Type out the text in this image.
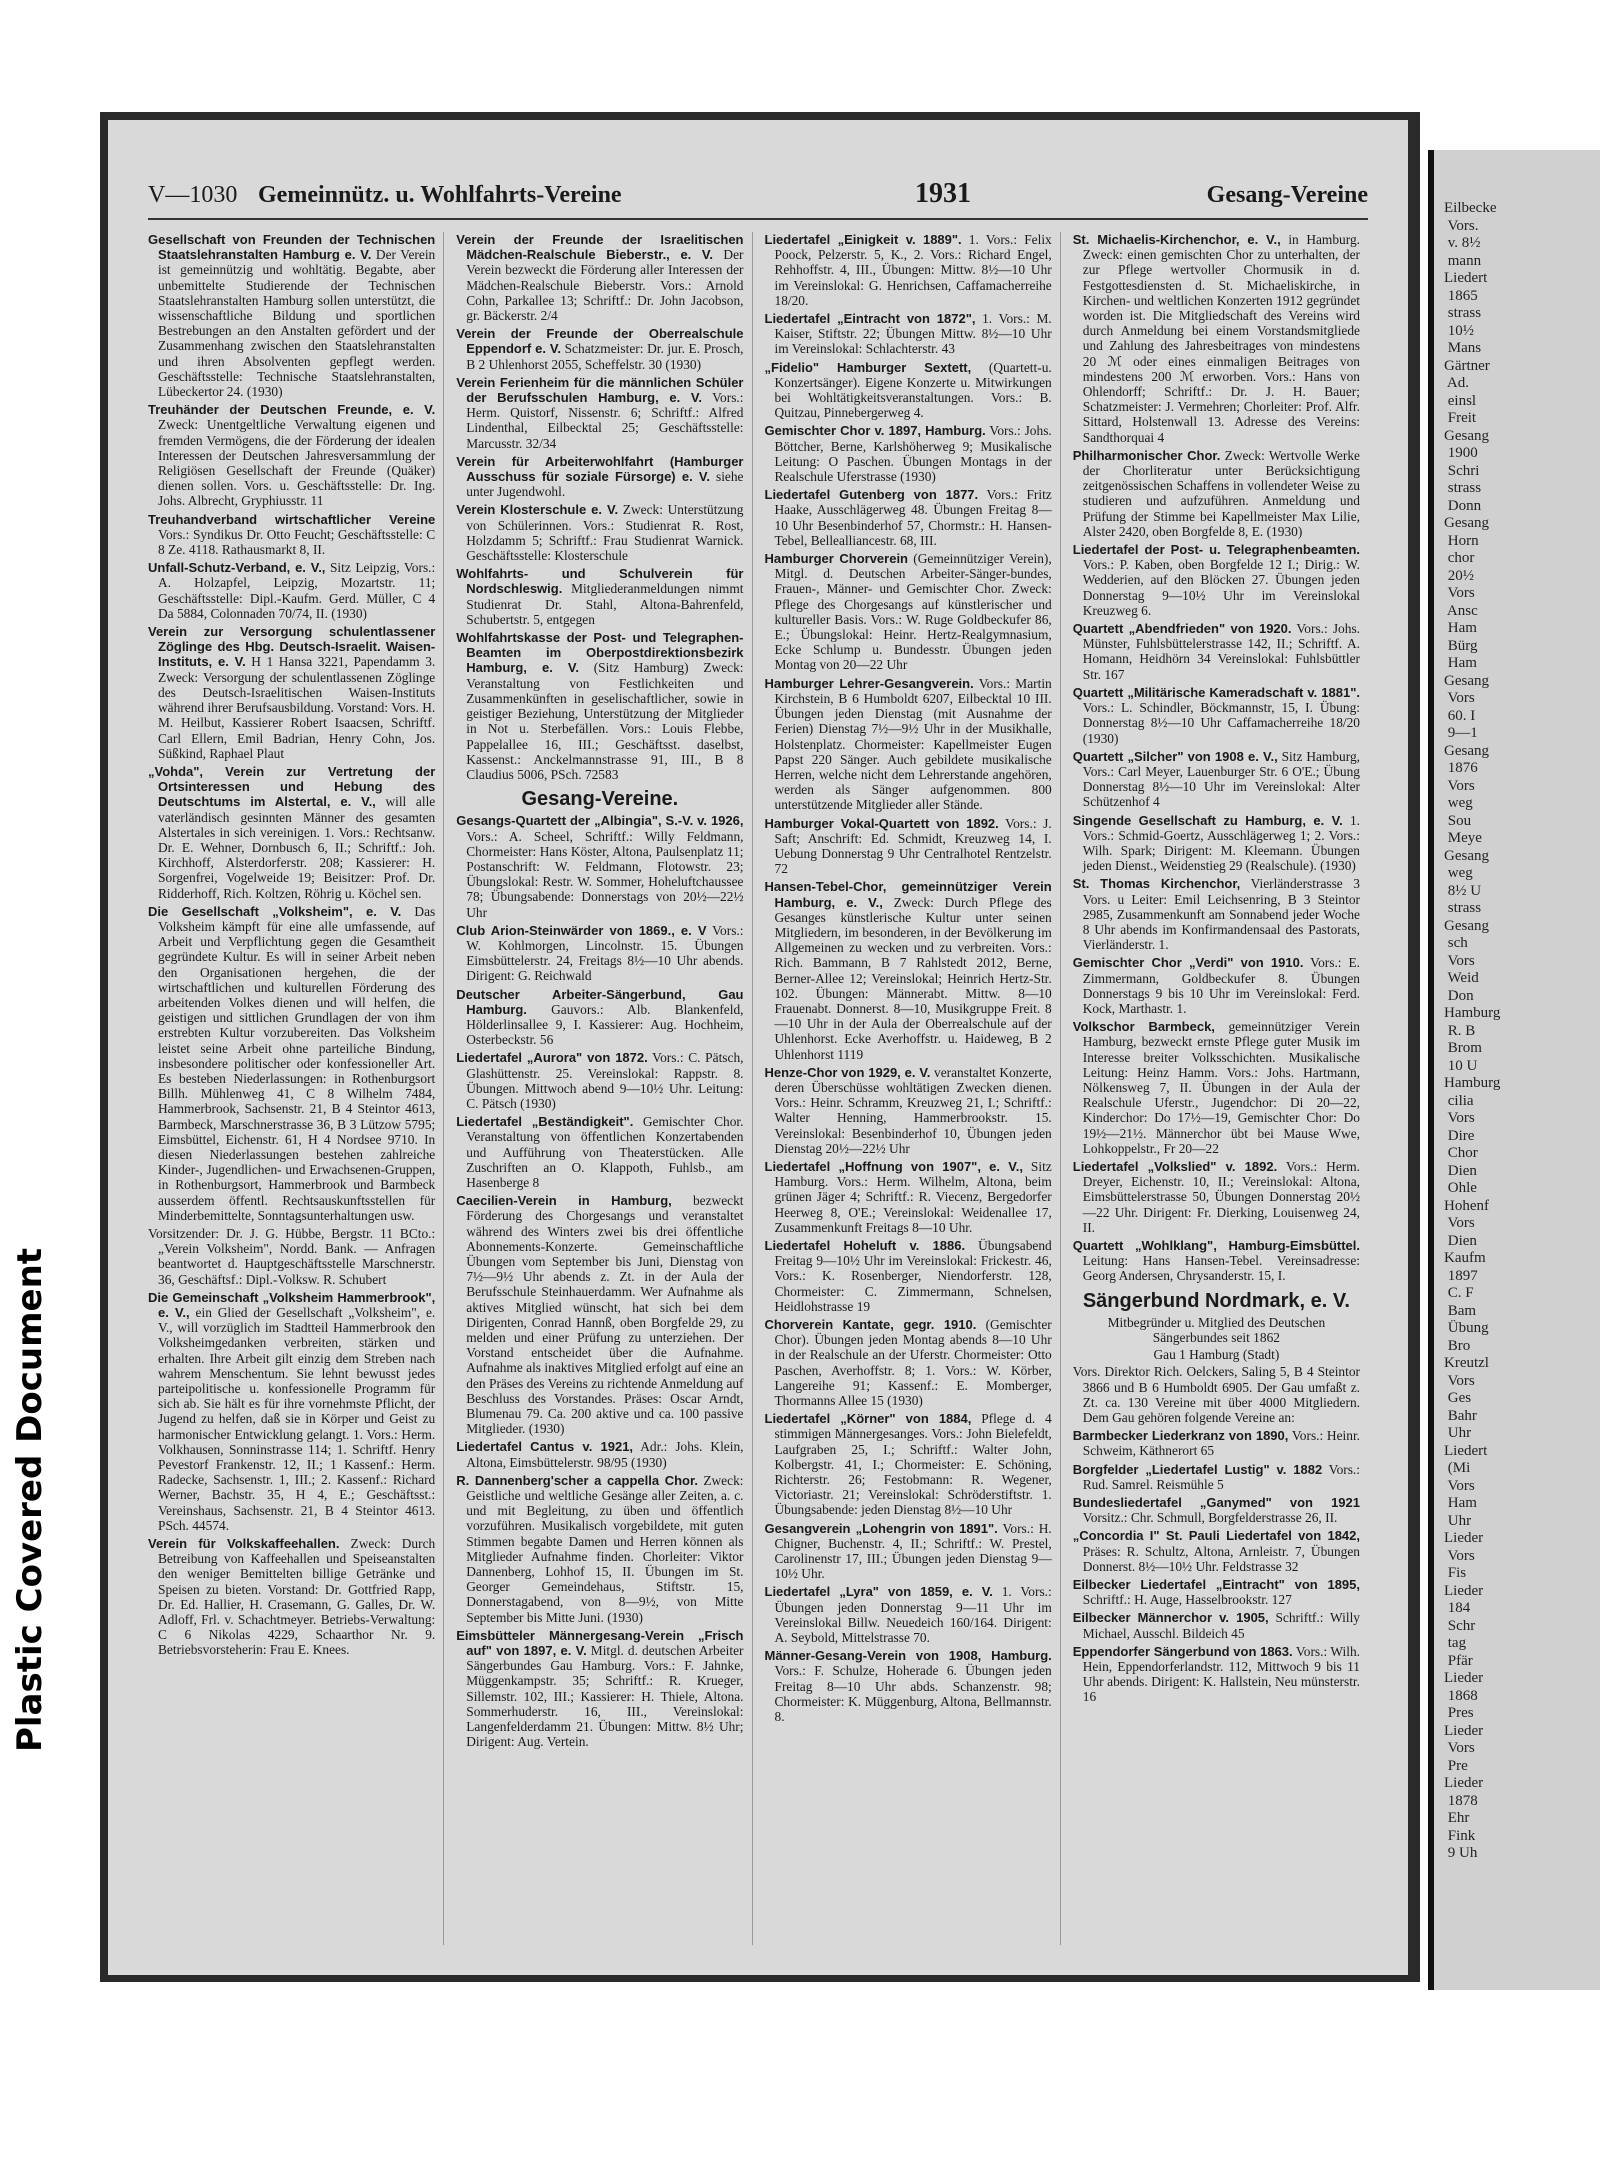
Plastic Covered Document
V—1030 Gemeinnütz. u. Wohlfahrts-Vereine	1931	Gesang-Vereine

Gesellschaft von Freunden der Technischen Staatslehranstalten Hamburg e. V. Der Verein ist gemeinnützig und wohltätig. Begabte, aber unbemittelte Studierende der Technischen Staatslehranstalten Hamburg sollen unterstützt, die wissenschaftliche Bildung und sportlichen Bestrebungen an den Anstalten gefördert und der Zusammenhang zwischen den Staatslehranstalten und ihren Absolventen gepflegt werden. Geschäftsstelle: Technische Staatslehranstalten, Lübeckertor 24. (1930)

Treuhänder der Deutschen Freunde, e. V. Zweck: Unentgeltliche Verwaltung eigenen und fremden Vermögens, die der Förderung der idealen Interessen der Deutschen Jahresversammlung der Religiösen Gesellschaft der Freunde (Quäker) dienen sollen. Vors. u. Geschäftsstelle: Dr. Ing. Johs. Albrecht, Gryphiusstr. 11

Treuhandverband wirtschaftlicher Vereine Vors.: Syndikus Dr. Otto Feucht; Geschäftsstelle: C 8 Ze. 4118. Rathausmarkt 8, II.

Unfall-Schutz-Verband, e. V., Sitz Leipzig, Vors.: A. Holzapfel, Leipzig, Mozartstr. 11; Geschäftsstelle: Dipl.-Kaufm. Gerd. Müller, C 4 Da 5884, Colonnaden 70/74, II. (1930)

Verein zur Versorgung schulentlassener Zöglinge des Hbg. Deutsch-Israelit. Waisen-Instituts, e. V. H 1 Hansa 3221, Papendamm 3. Zweck: Versorgung der schulentlassenen Zöglinge des Deutsch-Israelitischen Waisen-Instituts während ihrer Berufsausbildung. Vorstand: Vors. H. M. Heilbut, Kassierer Robert Isaacsen, Schriftf. Carl Ellern, Emil Badrian, Henry Cohn, Jos. Süßkind, Raphael Plaut

„Vohda", Verein zur Vertretung der Ortsinteressen und Hebung des Deutschtums im Alstertal, e. V., will alle vaterländisch gesinnten Männer des gesamten Alstertales in sich vereinigen. 1. Vors.: Rechtsanw. Dr. E. Wehner, Dornbusch 6, II.; Schriftf.: Joh. Kirchhoff, Alsterdorferstr. 208; Kassierer: H. Sorgenfrei, Vogelweide 19; Beisitzer: Prof. Dr. Ridderhoff, Rich. Koltzen, Röhrig u. Köchel sen.

Die Gesellschaft „Volksheim", e. V. Das Volksheim kämpft für eine alle umfassende, auf Arbeit und Verpflichtung gegen die Gesamtheit gegründete Kultur. Es will in seiner Arbeit neben den Organisationen hergehen, die der wirtschaftlichen und kulturellen Förderung des arbeitenden Volkes dienen und will helfen, die geistigen und sittlichen Grundlagen der von ihm erstrebten Kultur vorzubereiten. Das Volksheim leistet seine Arbeit ohne parteiliche Bindung, insbesondere politischer oder konfessioneller Art. Es besteben Niederlassungen: in Rothenburgsort Billh. Mühlenweg 41, C 8 Wilhelm 7484, Hammerbrook, Sachsenstr. 21, B 4 Steintor 4613, Barmbeck, Marschnerstrasse 36, B 3 Lützow 5795; Eimsbüttel, Eichenstr. 61, H 4 Nordsee 9710. In diesen Niederlassungen bestehen zahlreiche Kinder-, Jugendlichen- und Erwachsenen-Gruppen, in Rothenburgsort, Hammerbrook und Barmbeck ausserdem öffentl. Rechtsauskunftsstellen für Minderbemittelte, Sonntagsunterhaltungen usw.

Vorsitzender: Dr. J. G. Hübbe, Bergstr. 11 BCto.: „Verein Volksheim", Nordd. Bank. — Anfragen beantwortet d. Hauptgeschäftsstelle Marschnerstr. 36, Geschäftsf.: Dipl.-Volksw. R. Schubert

Die Gemeinschaft „Volksheim Hammerbrook", e. V., ein Glied der Gesellschaft „Volksheim", e. V., will vorzüglich im Stadtteil Hammerbrook den Volksheimgedanken verbreiten, stärken und erhalten. Ihre Arbeit gilt einzig dem Streben nach wahrem Menschentum. Sie lehnt bewusst jedes parteipolitische u. konfessionelle Programm für sich ab. Sie hält es für ihre vornehmste Pflicht, der Jugend zu helfen, daß sie in Körper und Geist zu harmonischer Entwicklung gelangt. 1. Vors.: Herm. Volkhausen, Sonninstrasse 114; 1. Schriftf. Henry Pevestorf Frankenstr. 12, II.; 1 Kassenf.: Herm. Radecke, Sachsenstr. 1, III.; 2. Kassenf.: Richard Werner, Bachstr. 35, H 4, E.; Geschäftsst.: Vereinshaus, Sachsenstr. 21, B 4 Steintor 4613. PSch. 44574.

Verein für Volkskaffeehallen. Zweck: Durch Betreibung von Kaffeehallen und Speiseanstalten den weniger Bemittelten billige Getränke und Speisen zu bieten. Vorstand: Dr. Gottfried Rapp, Dr. Ed. Hallier, H. Crasemann, G. Galles, Dr. W. Adloff, Frl. v. Schachtmeyer. Betriebs-Verwaltung: C 6 Nikolas 4229, Schaarthor Nr. 9. Betriebsvorsteherin: Frau E. Knees.

Verein der Freunde der Israelitischen Mädchen-Realschule Bieberstr., e. V. Der Verein bezweckt die Förderung aller Interessen der Mädchen-Realschule Bieberstr. Vors.: Arnold Cohn, Parkallee 13; Schriftf.: Dr. John Jacobson, gr. Bäckerstr. 2/4

Verein der Freunde der Oberrealschule Eppendorf e. V. Schatzmeister: Dr. jur. E. Prosch, B 2 Uhlenhorst 2055, Scheffelstr. 30 (1930)

Verein Ferienheim für die männlichen Schüler der Berufsschulen Hamburg, e. V. Vors.: Herm. Quistorf, Nissenstr. 6; Schriftf.: Alfred Lindenthal, Eilbecktal 25; Geschäftsstelle: Marcusstr. 32/34

Verein für Arbeiterwohlfahrt (Hamburger Ausschuss für soziale Fürsorge) e. V. siehe unter Jugendwohl.

Verein Klosterschule e. V. Zweck: Unterstützung von Schülerinnen. Vors.: Studienrat R. Rost, Holzdamm 5; Schriftf.: Frau Studienrat Warnick. Geschäftsstelle: Klosterschule

Wohlfahrts- und Schulverein für Nordschleswig. Mitgliederanmeldungen nimmt Studienrat Dr. Stahl, Altona-Bahrenfeld, Schubertstr. 5, entgegen

Wohlfahrtskasse der Post- und Telegraphen-Beamten im Oberpostdirektionsbezirk Hamburg, e. V. (Sitz Hamburg) Zweck: Veranstaltung von Festlichkeiten und Zusammenkünften in geselischaftlicher, sowie in geistiger Beziehung, Unterstützung der Mitglieder in Not u. Sterbefällen. Vors.: Louis Flebbe, Pappelallee 16, III.; Geschäftsst. daselbst, Kassenst.: Anckelmannstrasse 91, III., B 8 Claudius 5006, PSch. 72583

Gesang-Vereine.

Gesangs-Quartett der „Albingia", S.-V. v. 1926, Vors.: A. Scheel, Schriftf.: Willy Feldmann, Chormeister: Hans Köster, Altona, Paulsenplatz 11; Postanschrift: W. Feldmann, Flotowstr. 23; Übungslokal: Restr. W. Sommer, Hoheluftchaussee 78; Übungsabende: Donnerstags von 20½—22½ Uhr

Club Arion-Steinwärder von 1869., e. V Vors.: W. Kohlmorgen, Lincolnstr. 15. Übungen Eimsbüttelerstr. 24, Freitags 8½—10 Uhr abends. Dirigent: G. Reichwald

Deutscher Arbeiter-Sängerbund, Gau Hamburg. Gauvors.: Alb. Blankenfeld, Hölderlinsallee 9, I. Kassierer: Aug. Hochheim, Osterbeckstr. 56

Liedertafel „Aurora" von 1872. Vors.: C. Pätsch, Glashüttenstr. 25. Vereinslokal: Rappstr. 8. Übungen. Mittwoch abend 9—10½ Uhr. Leitung: C. Pätsch (1930)

Liedertafel „Beständigkeit". Gemischter Chor. Veranstaltung von öffentlichen Konzertabenden und Aufführung von Theaterstücken. Alle Zuschriften an O. Klappoth, Fuhlsb., am Hasenberge 8

Caecilien-Verein in Hamburg, bezweckt Förderung des Chorgesangs und veranstaltet während des Winters zwei bis drei öffentliche Abonnements-Konzerte. Gemeinschaftliche Übungen vom September bis Juni, Dienstag von 7½—9½ Uhr abends z. Zt. in der Aula der Berufsschule Steinhauerdamm. Wer Aufnahme als aktives Mitglied wünscht, hat sich bei dem Dirigenten, Conrad Hannß, oben Borgfelde 29, zu melden und einer Prüfung zu unterziehen. Der Vorstand entscheidet über die Aufnahme. Aufnahme als inaktives Mitglied erfolgt auf eine an den Präses des Vereins zu richtende Anmeldung auf Beschluss des Vorstandes. Präses: Oscar Arndt, Blumenau 79. Ca. 200 aktive und ca. 100 passive Mitglieder. (1930)

Liedertafel Cantus v. 1921, Adr.: Johs. Klein, Altona, Eimsbüttelerstr. 98/95 (1930)

R. Dannenberg'scher a cappella Chor. Zweck: Geistliche und weltliche Gesänge aller Zeiten, a. c. und mit Begleitung, zu üben und öffentlich vorzuführen. Musikalisch vorgebildete, mit guten Stimmen begabte Damen und Herren können als Mitglieder Aufnahme finden. Chorleiter: Viktor Dannenberg, Lohhof 15, II. Übungen im St. Georger Gemeindehaus, Stiftstr. 15, Donnerstagabend, von 8—9½, von Mitte September bis Mitte Juni. (1930)

Eimsbütteler Männergesang-Verein „Frisch auf" von 1897, e. V. Mitgl. d. deutschen Arbeiter Sängerbundes Gau Hamburg. Vors.: F. Jahnke, Müggenkampstr. 35; Schriftf.: R. Krueger, Sillemstr. 102, III.; Kassierer: H. Thiele, Altona. Sommerhuderstr. 16, III., Vereinslokal: Langenfelderdamm 21. Übungen: Mittw. 8½ Uhr; Dirigent: Aug. Vertein.

Liedertafel „Einigkeit v. 1889". 1. Vors.: Felix Poock, Pelzerstr. 5, K., 2. Vors.: Richard Engel, Rehhoffstr. 4, III., Übungen: Mittw. 8½—10 Uhr im Vereinslokal: G. Henrichsen, Caffamacherreihe 18/20.

Liedertafel „Eintracht von 1872", 1. Vors.: M. Kaiser, Stiftstr. 22; Übungen Mittw. 8½—10 Uhr im Vereinslokal: Schlachterstr. 43

„Fidelio" Hamburger Sextett, (Quartett-u. Konzertsänger). Eigene Konzerte u. Mitwirkungen bei Wohltätigkeitsveranstaltungen. Vors.: B. Quitzau, Pinnebergerweg 4.

Gemischter Chor v. 1897, Hamburg. Vors.: Johs. Böttcher, Berne, Karlshöherweg 9; Musikalische Leitung: O Paschen. Übungen Montags in der Realschule Uferstrasse (1930)

Liedertafel Gutenberg von 1877. Vors.: Fritz Haake, Ausschlägerweg 48. Übungen Freitag 8—10 Uhr Besenbinderhof 57, Chormstr.: H. Hansen-Tebel, Bellealliancestr. 68, III.

Hamburger Chorverein (Gemeinnütziger Verein), Mitgl. d. Deutschen Arbeiter-Sänger-bundes, Frauen-, Männer- und Gemischter Chor. Zweck: Pflege des Chorgesangs auf künstlerischer und kultureller Basis. Vors.: W. Ruge Goldbeckufer 86, E.; Übungslokal: Heinr. Hertz-Realgymnasium, Ecke Schlump u. Bundesstr. Übungen jeden Montag von 20—22 Uhr

Hamburger Lehrer-Gesangverein. Vors.: Martin Kirchstein, B 6 Humboldt 6207, Eilbecktal 10 III. Übungen jeden Dienstag (mit Ausnahme der Ferien) Dienstag 7½—9½ Uhr in der Musikhalle, Holstenplatz. Chormeister: Kapellmeister Eugen Papst 220 Sänger. Auch gebildete musikalische Herren, welche nicht dem Lehrerstande angehören, werden als Sänger aufgenommen. 800 unterstützende Mitglieder aller Stände.

Hamburger Vokal-Quartett von 1892. Vors.: J. Saft; Anschrift: Ed. Schmidt, Kreuzweg 14, I. Uebung Donnerstag 9 Uhr Centralhotel Rentzelstr. 72

Hansen-Tebel-Chor, gemeinnütziger Verein Hamburg, e. V., Zweck: Durch Pflege des Gesanges künstlerische Kultur unter seinen Mitgliedern, im besonderen, in der Bevölkerung im Allgemeinen zu wecken und zu verbreiten. Vors.: Rich. Bammann, B 7 Rahlstedt 2012, Berne, Berner-Allee 12; Vereinslokal; Heinrich Hertz-Str. 102. Übungen: Männerabt. Mittw. 8—10 Frauenabt. Donnerst. 8—10, Musikgruppe Freit. 8—10 Uhr in der Aula der Oberrealschule auf der Uhlenhorst. Ecke Averhoffstr. u. Haideweg, B 2 Uhlenhorst 1119

Henze-Chor von 1929, e. V. veranstaltet Konzerte, deren Überschüsse wohltätigen Zwecken dienen. Vors.: Heinr. Schramm, Kreuzweg 21, I.; Schriftf.: Walter Henning, Hammerbrookstr. 15. Vereinslokal: Besenbinderhof 10, Übungen jeden Dienstag 20½—22½ Uhr

Liedertafel „Hoffnung von 1907", e. V., Sitz Hamburg. Vors.: Herm. Wilhelm, Altona, beim grünen Jäger 4; Schriftf.: R. Viecenz, Bergedorfer Heerweg 8, O'E.; Vereinslokal: Weidenallee 17, Zusammenkunft Freitags 8—10 Uhr.

Liedertafel Hoheluft v. 1886. Übungsabend Freitag 9—10½ Uhr im Vereinslokal: Frickestr. 46, Vors.: K. Rosenberger, Niendorferstr. 128, Chormeister: C. Zimmermann, Schnelsen, Heidlohstrasse 19

Chorverein Kantate, gegr. 1910. (Gemischter Chor). Übungen jeden Montag abends 8—10 Uhr in der Realschule an der Uferstr. Chormeister: Otto Paschen, Averhoffstr. 8; 1. Vors.: W. Körber, Langereihe 91; Kassenf.: E. Momberger, Thormanns Allee 15 (1930)

Liedertafel „Körner" von 1884, Pflege d. 4 stimmigen Männergesanges. Vors.: John Bielefeldt, Laufgraben 25, I.; Schriftf.: Walter John, Kolbergstr. 41, I.; Chormeister: E. Schöning, Richterstr. 26; Festobmann: R. Wegener, Victoriastr. 21; Vereinslokal: Schröderstiftstr. 1. Übungsabende: jeden Dienstag 8½—10 Uhr

Gesangverein „Lohengrin von 1891". Vors.: H. Chigner, Buchenstr. 4, II.; Schriftf.: W. Prestel, Carolinenstr 17, III.; Übungen jeden Dienstag 9—10½ Uhr.

Liedertafel „Lyra" von 1859, e. V. 1. Vors.: Übungen jeden Donnerstag 9—11 Uhr im Vereinslokal Billw. Neuedeich 160/164. Dirigent: A. Seybold, Mittelstrasse 70.

Männer-Gesang-Verein von 1908, Hamburg. Vors.: F. Schulze, Hoherade 6. Übungen jeden Freitag 8—10 Uhr abds. Schanzenstr. 98; Chormeister: K. Müggenburg, Altona, Bellmannstr. 8.

St. Michaelis-Kirchenchor, e. V., in Hamburg. Zweck: einen gemischten Chor zu unterhalten, der zur Pflege wertvoller Chormusik in d. Festgottesdiensten d. St. Michaeliskirche, in Kirchen- und weltlichen Konzerten 1912 gegründet worden ist. Die Mitgliedschaft des Vereins wird durch Anmeldung bei einem Vorstandsmitgliede und Zahlung des Jahresbeitrages von mindestens 20 ℳ oder eines einmaligen Beitrages von mindestens 200 ℳ erworben. Vors.: Hans von Ohlendorff; Schriftf.: Dr. J. H. Bauer; Schatzmeister: J. Vermehren; Chorleiter: Prof. Alfr. Sittard, Holstenwall 13. Adresse des Vereins: Sandthorquai 4

Philharmonischer Chor. Zweck: Wertvolle Werke der Chorliteratur unter Berücksichtigung zeitgenössischen Schaffens in vollendeter Weise zu studieren und aufzuführen. Anmeldung und Prüfung der Stimme bei Kapellmeister Max Lilie, Alster 2420, oben Borgfelde 8, E. (1930)

Liedertafel der Post- u. Telegraphenbeamten. Vors.: P. Kaben, oben Borgfelde 12 I.; Dirig.: W. Wedderien, auf den Blöcken 27. Übungen jeden Donnerstag 9—10½ Uhr im Vereinslokal Kreuzweg 6.

Quartett „Abendfrieden" von 1920. Vors.: Johs. Münster, Fuhlsbüttelerstrasse 142, II.; Schriftf. A. Homann, Heidhörn 34 Vereinslokal: Fuhlsbüttler Str. 167

Quartett „Militärische Kameradschaft v. 1881". Vors.: L. Schindler, Böckmannstr, 15, I. Übung: Donnerstag 8½—10 Uhr Caffamacherreihe 18/20 (1930)

Quartett „Silcher" von 1908 e. V., Sitz Hamburg, Vors.: Carl Meyer, Lauenburger Str. 6 O'E.; Übung Donnerstag 8½—10 Uhr im Vereinslokal: Alter Schützenhof 4

Singende Gesellschaft zu Hamburg, e. V. 1. Vors.: Schmid-Goertz, Ausschlägerweg 1; 2. Vors.: Wilh. Spark; Dirigent: M. Kleemann. Übungen jeden Dienst., Weidenstieg 29 (Realschule). (1930)

St. Thomas Kirchenchor, Vierländerstrasse 3 Vors. u Leiter: Emil Leichsenring, B 3 Steintor 2985, Zusammenkunft am Sonnabend jeder Woche 8 Uhr abends im Konfirmandensaal des Pastorats, Vierländerstr. 1.

Gemischter Chor „Verdi" von 1910. Vors.: E. Zimmermann, Goldbeckufer 8. Übungen Donnerstags 9 bis 10 Uhr im Vereinslokal: Ferd. Kock, Marthastr. 1.

Volkschor Barmbeck, gemeinnütziger Verein Hamburg, bezweckt ernste Pflege guter Musik im Interesse breiter Volksschichten. Musikalische Leitung: Heinz Hamm. Vors.: Johs. Hartmann, Nölkensweg 7, II. Übungen in der Aula der Realschule Uferstr., Jugendchor: Di 20—22, Kinderchor: Do 17½—19, Gemischter Chor: Do 19½—21½. Männerchor übt bei Mause Wwe, Lohkoppelstr., Fr 20—22

Liedertafel „Volkslied" v. 1892. Vors.: Herm. Dreyer, Eichenstr. 10, II.; Vereinslokal: Altona, Eimsbüttelerstrasse 50, Übungen Donnerstag 20½—22 Uhr. Dirigent: Fr. Dierking, Louisenweg 24, II.

Quartett „Wohlklang", Hamburg-Eimsbüttel. Leitung: Hans Hansen-Tebel. Vereinsadresse: Georg Andersen, Chrysanderstr. 15, I.

Sängerbund Nordmark, e. V.

Mitbegründer u. Mitglied des Deutschen Sängerbundes seit 1862

Gau 1 Hamburg (Stadt)

Vors. Direktor Rich. Oelckers, Saling 5, B 4 Steintor 3866 und B 6 Humboldt 6905. Der Gau umfaßt z. Zt. ca. 130 Vereine mit über 4000 Mitgliedern. Dem Gau gehören folgende Vereine an:

Barmbecker Liederkranz von 1890, Vors.: Heinr. Schweim, Käthnerort 65

Borgfelder „Liedertafel Lustig" v. 1882 Vors.: Rud. Samrel. Reismühle 5

Bundesliedertafel „Ganymed" von 1921 Vorsitz.: Chr. Schmull, Borgfelderstrasse 26, II.

„Concordia I" St. Pauli Liedertafel von 1842, Präses: R. Schultz, Altona, Arnleistr. 7, Übungen Donnerst. 8½—10½ Uhr. Feldstrasse 32

Eilbecker Liedertafel „Eintracht" von 1895, Schriftf.: H. Auge, Hasselbrookstr. 127

Eilbecker Männerchor v. 1905, Schriftf.: Willy Michael, Ausschl. Bildeich 45

Eppendorfer Sängerbund von 1863. Vors.: Wilh. Hein, Eppendorferlandstr. 112, Mittwoch 9 bis 11 Uhr abends. Dirigent: K. Hallstein, Neu münsterstr. 16

Eilbecke
Vors.
v. 8½
mann
Liedert
1865
strass
10½
Mans
Gärtner
Ad.
einsl
Freit
Gesang
1900
Schri
strass
Donn
Gesang
Horn
chor
20½
Vors
Ansc
Ham
Bürg
Ham
Gesang
Vors
60. I
9—1
Gesang
1876
Vors
weg
Sou
Meye
Gesang
weg
8½ U
strass
Gesang
sch
Vors
Weid
Don
Hamburg
R. B
Brom
10 U
Hamburg
cilia
Vors
Dire
Chor
Dien
Ohle
Hohenf
Vors
Dien
Kaufm
1897
C. F
Bam
Übung
Bro
Kreutzl
Vors
Ges
Bahr
Uhr
Liedert
(Mi
Vors
Ham
Uhr
Lieder
Vors
Fis
Lieder
184
Schr
tag
Pfär
Lieder
1868
Pres
Lieder
Vors
Pre
Lieder
1878
Ehr
Fink
9 Uh
